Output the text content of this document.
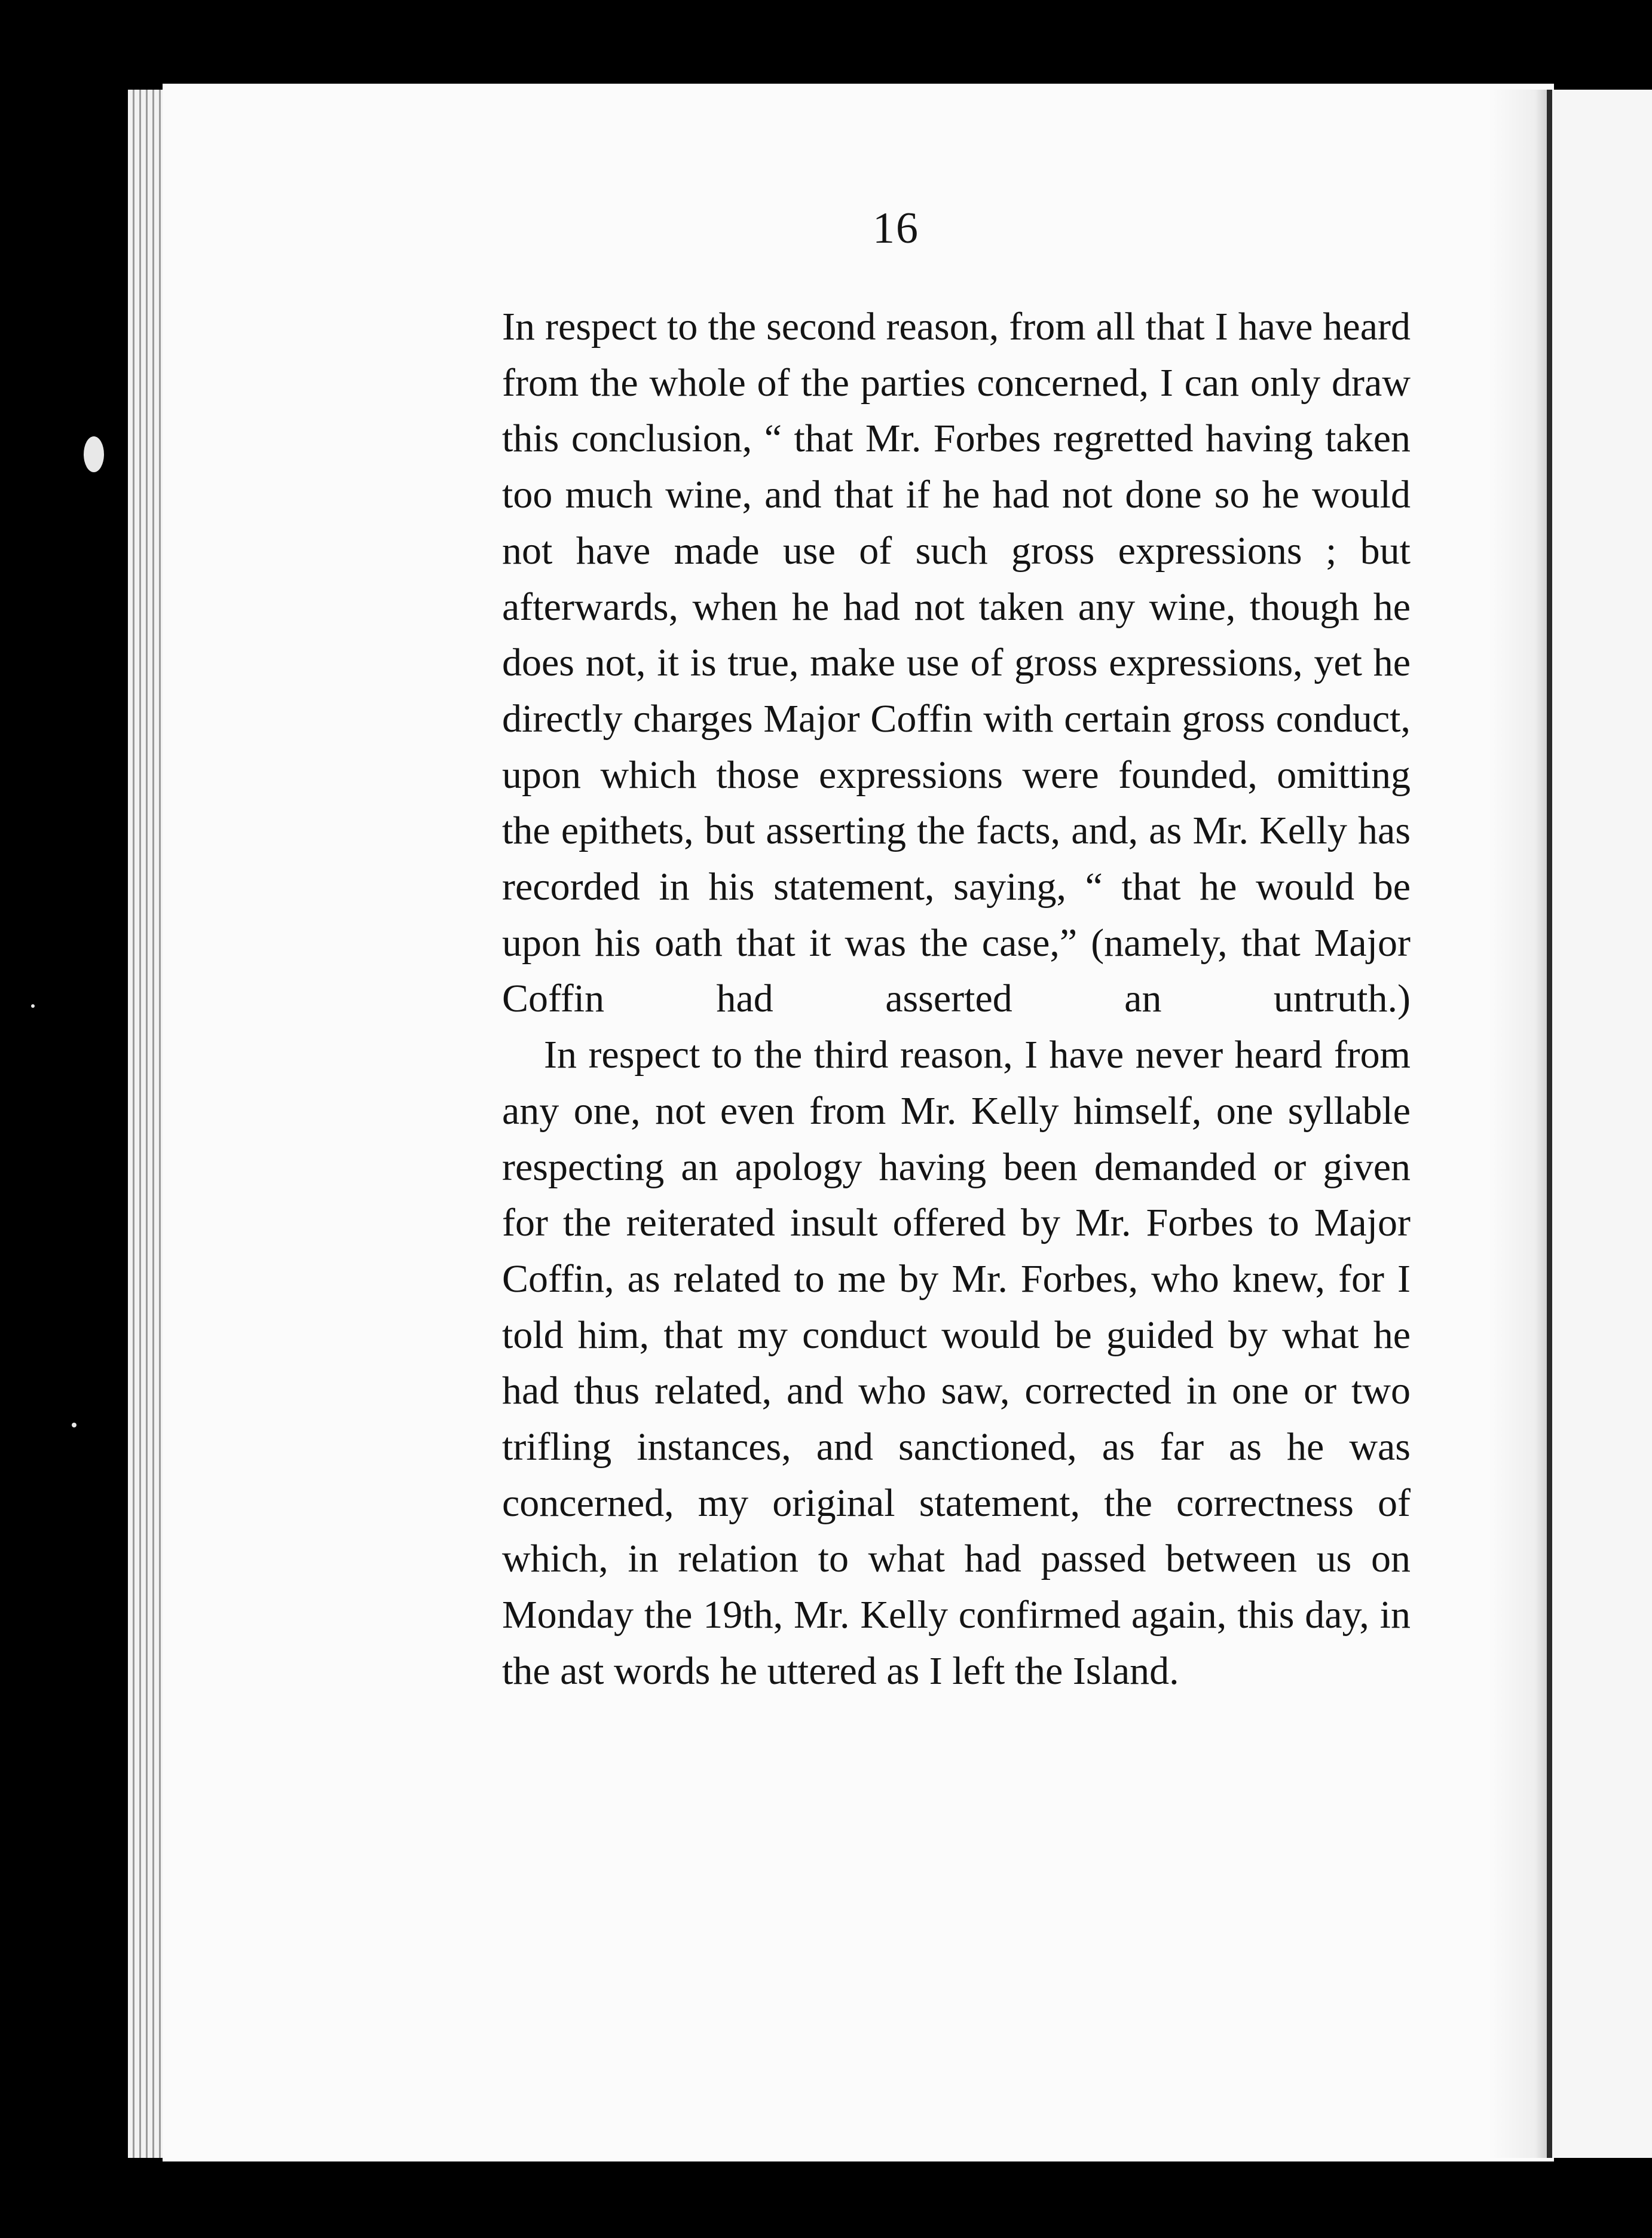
16

In respect to the second reason, from all that I have heard from the whole of the parties concerned, I can only draw this conclusion, “ that Mr. Forbes regretted having taken too much wine, and that if he had not done so he would not have made use of such gross expressions ; but afterwards, when he had not taken any wine, though he does not, it is true, make use of gross expressions, yet he directly charges Major Coffin with certain gross conduct, upon which those expressions were founded, omitting the epithets, but asserting the facts, and, as Mr. Kelly has recorded in his statement, saying, “ that he would be upon his oath that it was the case,” (namely, that Major Coffin had asserted an untruth.)

In respect to the third reason, I have never heard from any one, not even from Mr. Kelly himself, one syllable respecting an apology having been demanded or given for the reiterated insult offered by Mr. Forbes to Major Coffin, as related to me by Mr. Forbes, who knew, for I told him, that my conduct would be guided by what he had thus related, and who saw, corrected in one or two trifling instances, and sanctioned, as far as he was concerned, my original statement, the correctness of which, in relation to what had passed between us on Monday the 19th, Mr. Kelly confirmed again, this day, in the ast words he uttered as I left the Island.
